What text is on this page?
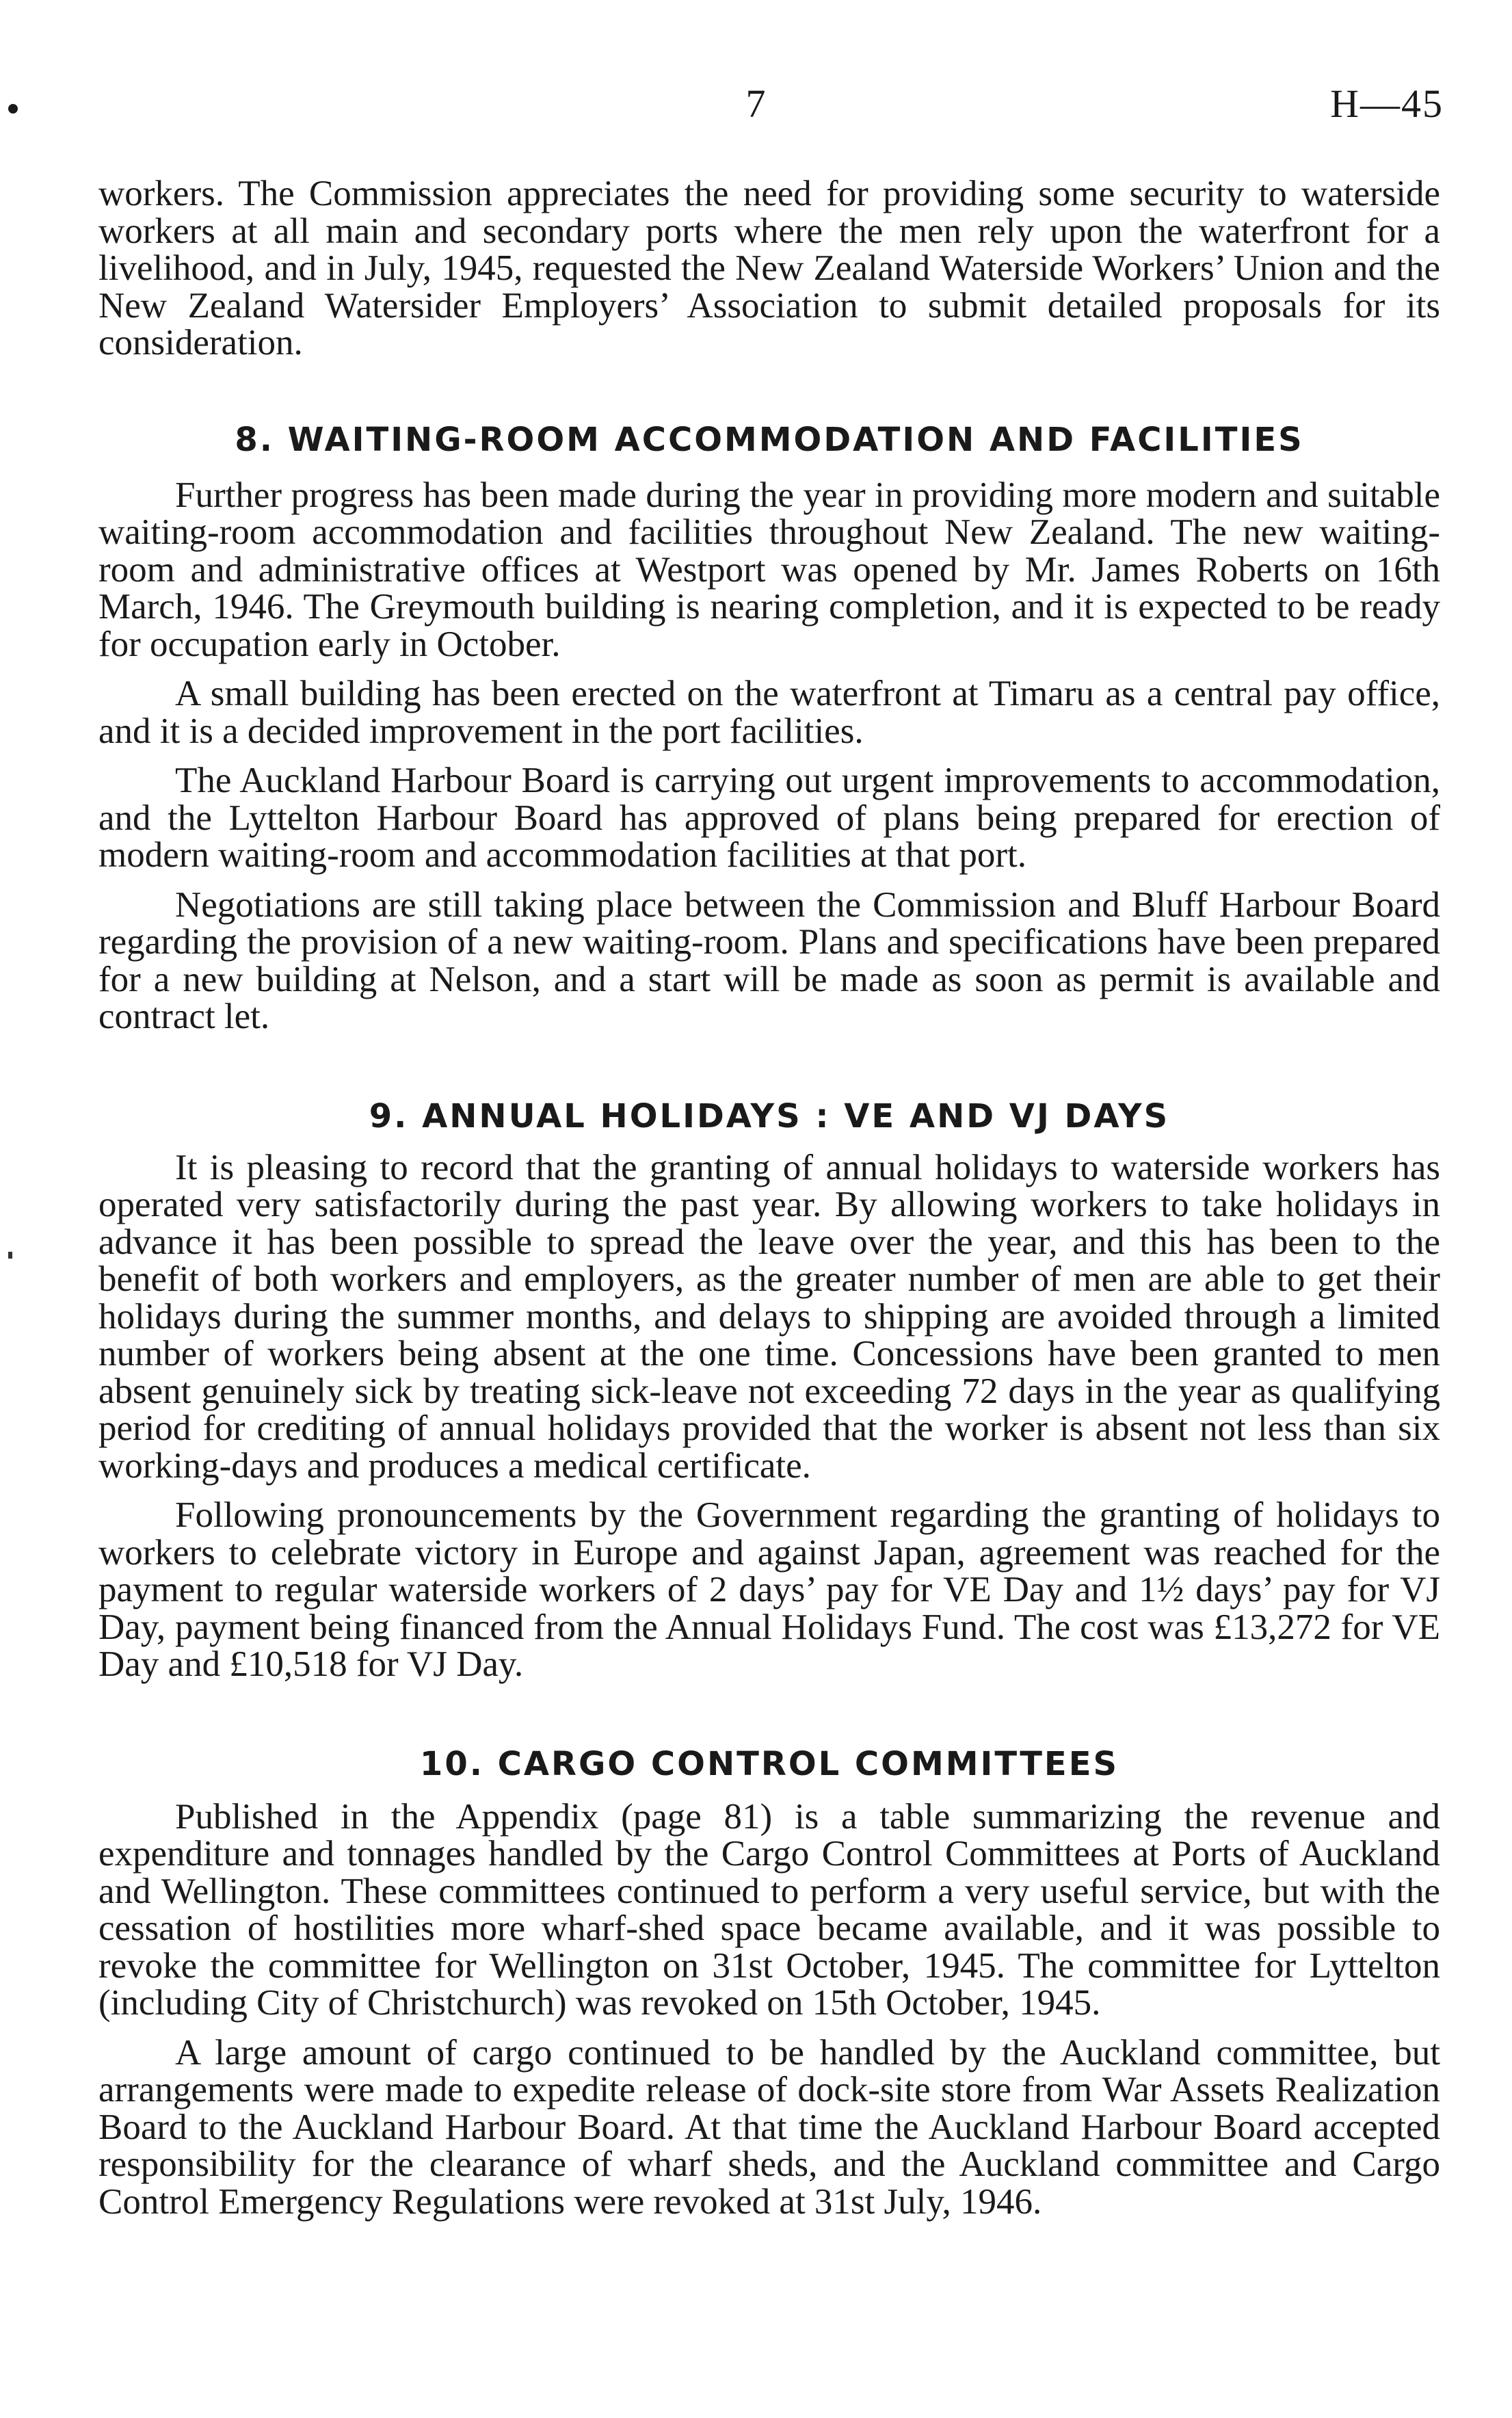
7	H—45

workers. The Commission appreciates the need for providing some security to waterside workers at all main and secondary ports where the men rely upon the waterfront for a livelihood, and in July, 1945, requested the New Zealand Waterside Workers’ Union and the New Zealand Watersider Employers’ Association to submit detailed proposals for its consideration.

8. WAITING-ROOM ACCOMMODATION AND FACILITIES

Further progress has been made during the year in providing more modern and suitable waiting-room accommodation and facilities throughout New Zealand. The new waiting-room and administrative offices at Westport was opened by Mr. James Roberts on 16th March, 1946. The Greymouth building is nearing completion, and it is expected to be ready for occupation early in October.

A small building has been erected on the waterfront at Timaru as a central pay office, and it is a decided improvement in the port facilities.

The Auckland Harbour Board is carrying out urgent improvements to accommodation, and the Lyttelton Harbour Board has approved of plans being prepared for erection of modern waiting-room and accommodation facilities at that port.

Negotiations are still taking place between the Commission and Bluff Harbour Board regarding the provision of a new waiting-room. Plans and specifications have been prepared for a new building at Nelson, and a start will be made as soon as permit is available and contract let.

9. ANNUAL HOLIDAYS : VE AND VJ DAYS

It is pleasing to record that the granting of annual holidays to waterside workers has operated very satisfactorily during the past year. By allowing workers to take holidays in advance it has been possible to spread the leave over the year, and this has been to the benefit of both workers and employers, as the greater number of men are able to get their holidays during the summer months, and delays to shipping are avoided through a limited number of workers being absent at the one time. Concessions have been granted to men absent genuinely sick by treating sick-leave not exceeding 72 days in the year as qualifying period for crediting of annual holidays provided that the worker is absent not less than six working-days and produces a medical certificate.

Following pronouncements by the Government regarding the granting of holidays to workers to celebrate victory in Europe and against Japan, agreement was reached for the payment to regular waterside workers of 2 days’ pay for VE Day and 1½ days’ pay for VJ Day, payment being financed from the Annual Holidays Fund. The cost was £13,272 for VE Day and £10,518 for VJ Day.

10. CARGO CONTROL COMMITTEES

Published in the Appendix (page 81) is a table summarizing the revenue and expenditure and tonnages handled by the Cargo Control Committees at Ports of Auckland and Wellington. These committees continued to perform a very useful service, but with the cessation of hostilities more wharf-shed space became available, and it was possible to revoke the committee for Wellington on 31st October, 1945. The committee for Lyttelton (including City of Christchurch) was revoked on 15th October, 1945.

A large amount of cargo continued to be handled by the Auckland committee, but arrangements were made to expedite release of dock-site store from War Assets Realization Board to the Auckland Harbour Board. At that time the Auckland Harbour Board accepted responsibility for the clearance of wharf sheds, and the Auckland committee and Cargo Control Emergency Regulations were revoked at 31st July, 1946.
